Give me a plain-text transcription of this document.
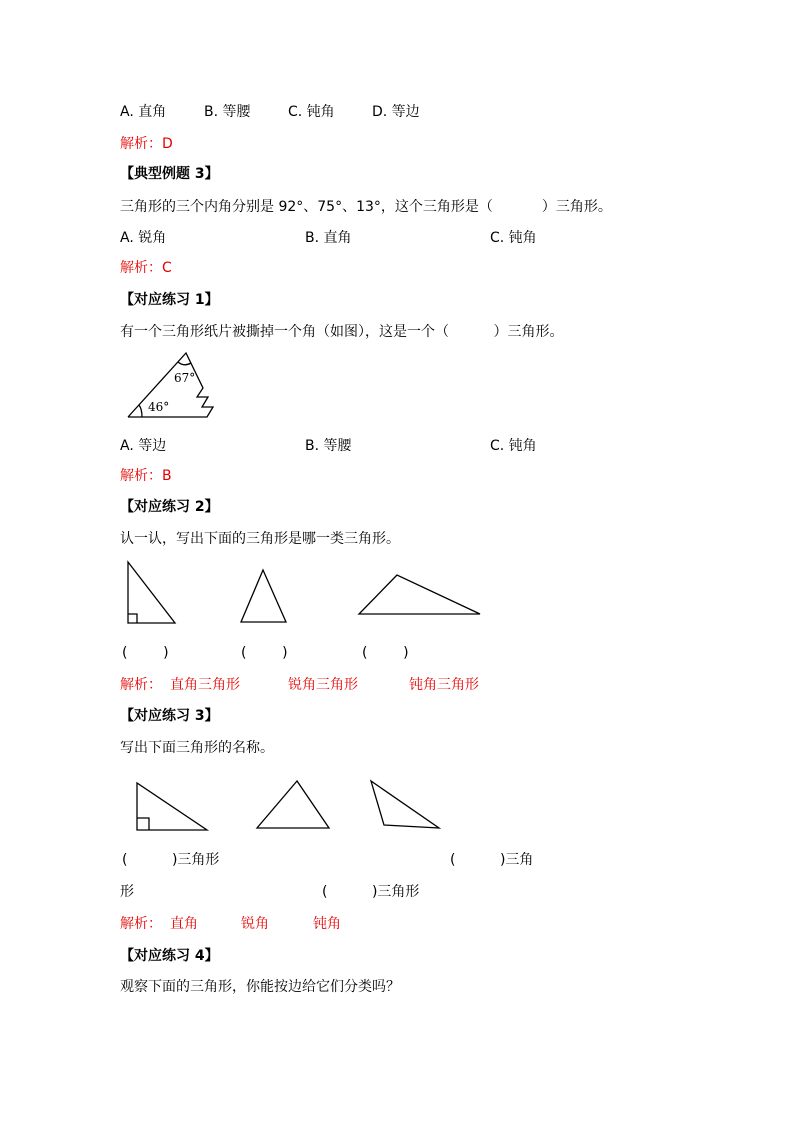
A. 直角	B. 等腰	C. 钝角	D. 等边
解析：D
【典型例题 3】
三角形的三个内角分别是 92°、75°、13°，这个三角形是（           ）三角形。
A. 锐角	B. 直角	C. 钝角
解析：C
【对应练习 1】
有一个三角形纸片被撕掉一个角（如图），这是一个（          ）三角形。
67°
46°
A. 等边	B. 等腰	C. 钝角
解析：B
【对应练习 2】
认一认，写出下面的三角形是哪一类三角形。
(        )	(        )	(        )
解析： 直角三角形	锐角三角形	钝角三角形
【对应练习 3】
写出下面三角形的名称。
(          )三角形	(          )三角
形	(          )三角形
解析： 直角	锐角	钝角
【对应练习 4】
观察下面的三角形，你能按边给它们分类吗？
